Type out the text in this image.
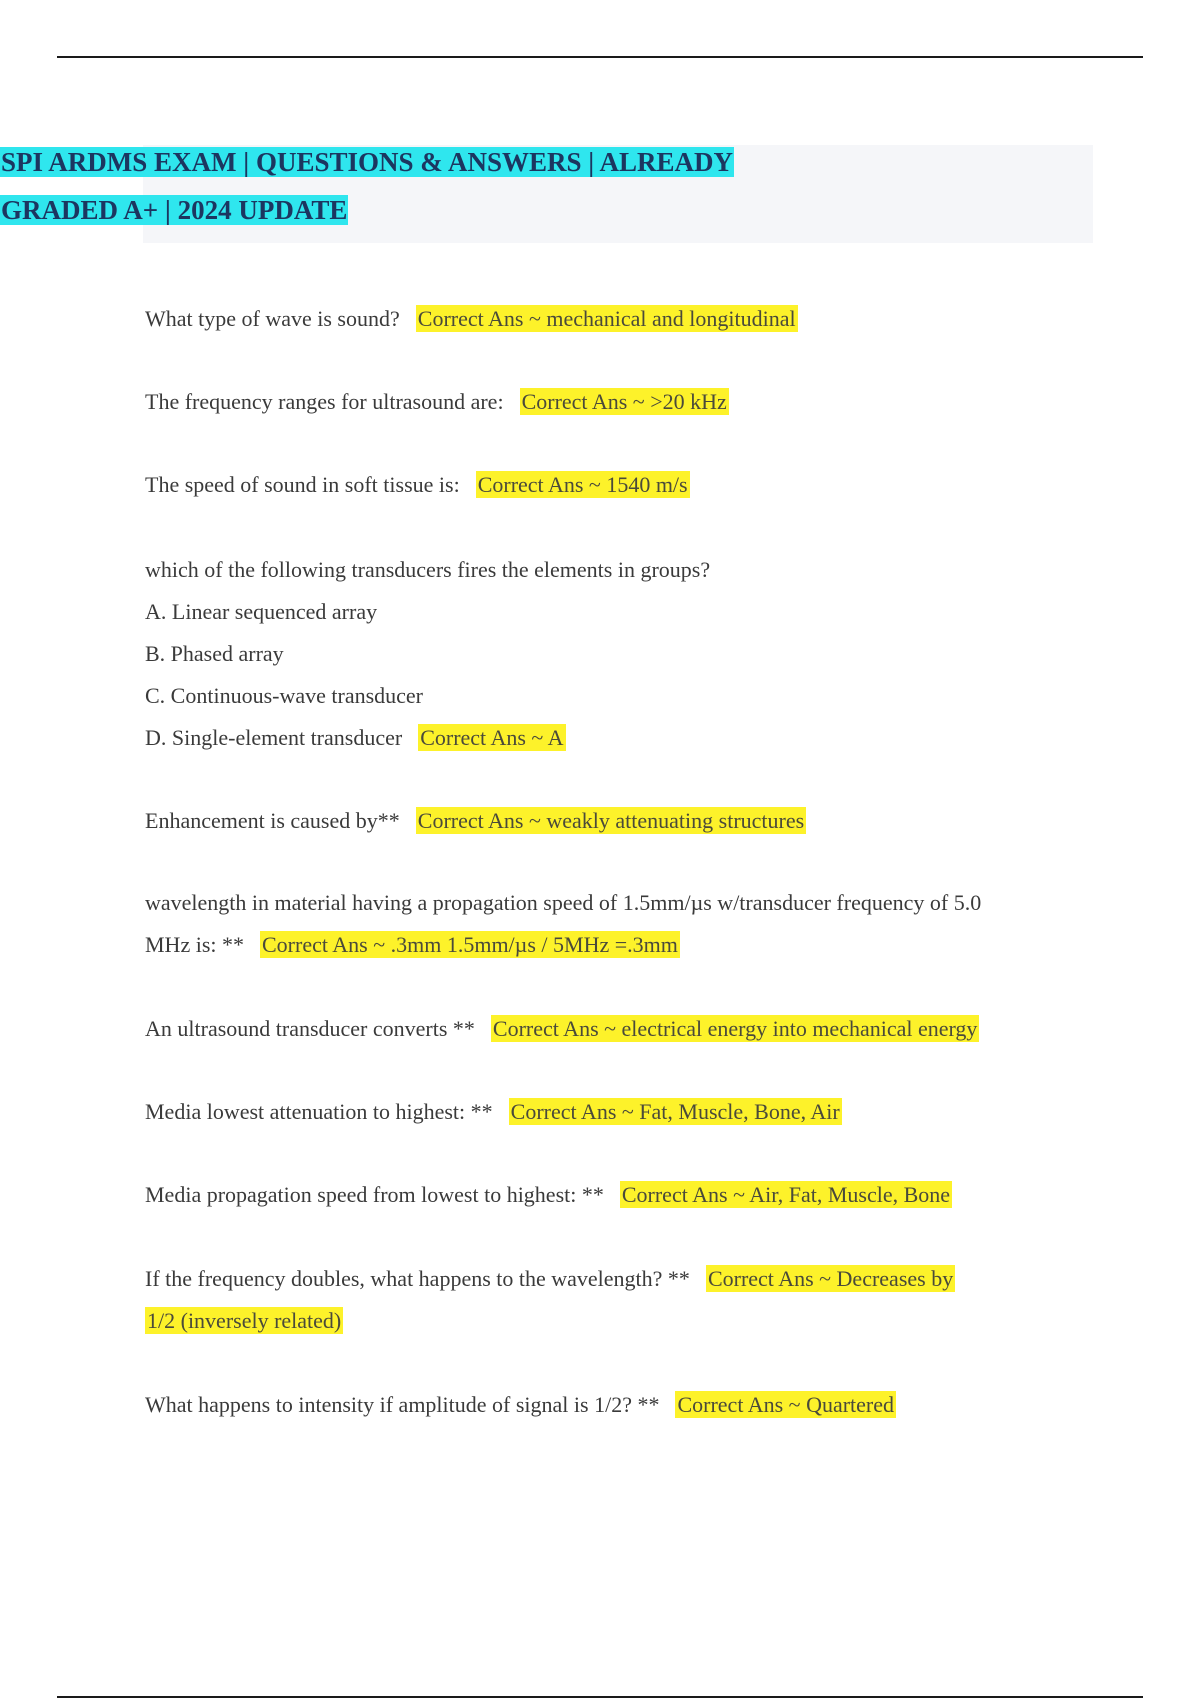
SPI ARDMS EXAM | QUESTIONS & ANSWERS | ALREADY
GRADED A+ | 2024 UPDATE
What type of wave is sound? Correct Ans ~ mechanical and longitudinal
The frequency ranges for ultrasound are: Correct Ans ~ >20 kHz
The speed of sound in soft tissue is: Correct Ans ~ 1540 m/s
which of the following transducers fires the elements in groups?
A. Linear sequenced array
B. Phased array
C. Continuous-wave transducer
D. Single-element transducer Correct Ans ~ A
Enhancement is caused by** Correct Ans ~ weakly attenuating structures
wavelength in material having a propagation speed of 1.5mm/µs w/transducer frequency of 5.0
MHz is: ** Correct Ans ~ .3mm 1.5mm/µs / 5MHz =.3mm
An ultrasound transducer converts ** Correct Ans ~ electrical energy into mechanical energy
Media lowest attenuation to highest: ** Correct Ans ~ Fat, Muscle, Bone, Air
Media propagation speed from lowest to highest: ** Correct Ans ~ Air, Fat, Muscle, Bone
If the frequency doubles, what happens to the wavelength? ** Correct Ans ~ Decreases by
1/2 (inversely related)
What happens to intensity if amplitude of signal is 1/2? ** Correct Ans ~ Quartered
